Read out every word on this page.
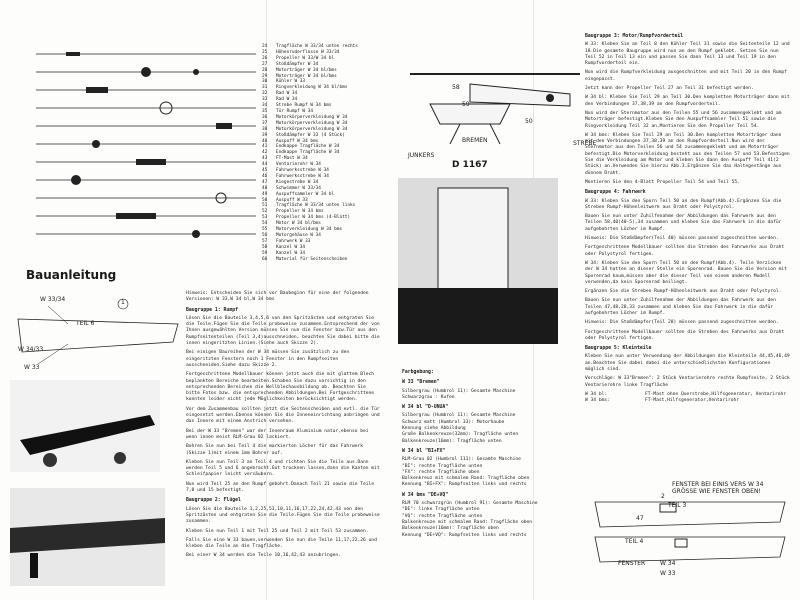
Bauanleitung
W 33/34
TEIL 6
W 34/33
W 33
1
24	Tragfläche W 33/34 unten rechts
25	Höhenruderflosse W 33/34
26	Propeller W 33/W 34 bl
27	Stoßdämpfer W 34
28	Motorträger W 34 bl/bms
29	Motorträger W 34 bl/bms
30	Kühler W 33
31	Ringverkleidung W 34 bl/bms
32	Rad W 34
33	Rad W 34
34	Strebe Rumpf W 34 bms
35	Tür Rumpf W 34
36	Motorkörperverkleidung W 34
37	Motorkörperverkleidung W 34
38	Motorkörperverkleidung W 34
39	Stoßdämpfer W 33 (4 Stück)
40	Auspuff W 34 bms
41	Endkappe Tragfläche W 34
42	Endkappe Tragfläche W 34
43	FT-Mast W 34
44	Ventarierohr W 34
45	Fahrwerksstrebe W 34
46	Fahrwerksstrebe W 34
47	Kiegestrebe W 34
48	Schwimmer W 33/34
49	Auspuffsammler W 34 bl
50	Auspuff W 33
51	Tragfläche W 33/34 unten links
52	Propeller W 34 bms
53	Propeller W 34 bms (4-Blatt)
54	Motor W 34 bl/bms
55	Motorverkleidung W 34 bms
56	Motorgehäuse W 34
57	Fahrwerk W 33
58	Kanzel W 34
59	Kanzel W 34
60	Material für Seitenscheiben

Hinweis: Entscheiden Sie sich vor Baubeginn für eine der folgenden Versionen: W 33,W 34 bl,W 34 bms

Baugruppe 1: Rumpf

Lösen Sie die Bauteile 3,4,5,6 von den Spritzästen und entgraten Sie die Teile.Fügen Sie die Teile probeweise zusammen.Entsprechend der von Ihnen ausgewählten Version müssen Sie nun die Fenster bzw.Tür aus den Rumpfseitenteilen (Teil 3,4)ausschneiden, beachten Sie dabei bitte die innen eingeritzten Linien.(Siehe auch Skizze 2).

Bei einigen Baureihen der W 34 müssen Sie zusätzlich zu den eingeritzten Fenstern noch 1 Fenster in den Rumpfseiten ausschneiden.Siehe dazu Skizze 2.

Fortgeschrittene Modellbauer können jetzt auch die mit glattem Blech beplankten Bereiche bearbeiten.Schaben Sie dazu vorsichtig in den entsprechenden Bereichen die Wellblechausbildung ab. Beachten Sie bitte Fotos bzw. die entsprechenden Abbildungen.Bei Fortgeschrittene konnten leider nicht jede Möglichkeiten berücksichtigt werden.

Vor dem Zusammenbau sollten jetzt die Seitenscheiben und evtl. die Tür eingesetzt werden.Ebenso können Sie die Inneneinrichtung anbringen und das Innere mit einem Anstrich versehen.

Bei der W 33 "Bremen" war der Innenraum Aluminium natur,ebenso bei wenn innen meist RLM-Grau 02 lackiert.

Bohren Sie nun bei Teil 4 die markierten Löcher für das Fahrwerk (Skizze 1)mit einem 1mm Bohrer auf.

Kleben Sie nun Teil 3 an Teil 4 und richten Sie die Teile aus.Dann werden Teil 5 und 6 angebracht.Gut trocknen lassen,dann die Kanten mit Schleifpapier leicht versäubern.

Nun wird Teil 25 an den Rumpf gebohrt.Danach Teil 21 sowie die Teile 7,8 und 15 befestigt.

Baugruppe 2: Flügel

Lösen Sie die Bauteile 1,2,25,53,10,11,16,17,22,24,42,43 von den Spritzästen und entgraten Sie die Teile.Fügen Sie die Teile probeweise zusammen.

Kleben Sie nun Teil 1 mit Teil 25 und Teil 2 mit Teil 53 zusammen.

Falls Sie eine W 33 bauen,verwenden Sie nun die Teile 11,17,22,26 und kleben die Teile an die Tragfläche.

Bei einer W 34 werden die Teile 10,16,42,43 anzubringen.

58
59
50
STREBE
BREMEN
JUNKERS
D 1167
Farbgebung:
W 33 "Bremen"
Silbergrau (Humbrol 11): Gesamte Maschine
Schwarzgrau : Kufen
W 34 bl "D-UNUA"
Silbergrau (Humbrol 11): Gesamte Maschine
Schwarz matt (Humbrol 33): Motorhaube
Kennung siehe Abbildung
Große Balkenkreuze(32mm): Tragfläche unten
Balkenkreuze(16mm): Tragfläche unten
W 34 bl "BI+FX"
RLM-Grau 02 (Humbrol 111): Gesamte Maschine
"BI": rechte Tragfläche unten
"FX": rechte Tragfläche oben
Balkenkreuz mit schmalem Rand: Tragfläche oben
Kennung "BI+FX": Rumpfseiten links und rechts
W 34 bms "DE+VQ"
RLM 70 schwarzgrün (Humbrol 91): Gesamte Maschine
"DE": linke Tragfläche unten
"VQ": rechte Tragfläche unten
Balkenkreuze mit schmalem Rand: Tragfläche oben
Balkenkreuze(16mm): Tragfläche oben
Kennung "DE+VQ": Rumpfseiten links und rechts
Baugruppe 3: Motor/Rumpfvorderteil

W 33: Kleben Sie an Teil 8 den Kühler Teil 31 sowie die Seitenteile 12 und 18.Die gesamte Baugruppe wird nun an den Rumpf geklebt. Setzen Sie nun Teil 52 in Teil 13 ein und passen Sie dann Teil 13 und Teil 19 in den Rumpfvorderteil ein.

Nun wird die Rumpfverkleidung ausgeschnitten und mit Teil 20 in den Rumpf eingepasst.

Jetzt kann der Propeller Teil 27 an Teil 31 befestigt werden.

W 34 bl: Kleben Sie Teil 29 an Teil 30.Den kompletten Motorträger dann mit den Verbindungen 37,38,39 an den Rumpfvorderteil.

Nun wird der Sternmotor aus den Teilen 55 und 56 zusammengeklebt und am Motorträger befestigt.Kleben Sie den Auspuffsammler Teil 51 sowie die Ringverkleidung Teil 32 an.Montieren Sie den Propeller Teil 54.

W 34 bms: Kleben Sie Teil 29 an Teil 30.Den kompletten Motorträger dann mit den Verbindungen 37,38,39 an den Rumpfvorderteil.Nun wird der Sternmotor aus den Teilen 56 und 54 zusammengeklebt und am Motorträger befestigt.Die Motorverkleidung besteht aus den Teilen 57 und 53.Befestigen Sie die Verkleidung am Motor und kleben Sie dann den Auspuff Teil 41(2 Stück) an.Verwenden Sie hierzu Abb.3.Ergänzen Sie das Haltegestänge aus dünnem Draht.

Montieren Sie den 4-Blatt Propeller Teil 54 und Teil 55.

Baugruppe 4: Fahrwerk

W 33: Kleben Sie den Sporn Teil 50 an den Rumpf(Abb.4).Ergänzen Sie die Streben Rumpf-Höhenleitwerk aus Draht oder Polystyrol.

Bauen Sie nun unter Zuhilfenahme der Abbildungen das Fahrwerk aus den Teilen 58,40(40-5),34 zusammen und kleben Sie das Fahrwerk in die dafür aufgebohrten Löcher im Rumpf.

Hinweis: Die Stoßdämpfer(Teil 40) müssen passend zugeschnitten werden.

Fortgeschrittene Modellbauer sollten die Streben des Fahrwerks aus Draht oder Polystyrol fertigen.

W 34: Kleben Sie den Sporn Teil 50 an den Rumpf(Abb.4). Teile Verzicken der W 34 hatten an dieser Stelle ein Sporenrad. Bauen Sie die Version mit Sporenrad kaum,müssen aber die dieser Teil von einem anderen Modell verwenden,da kein Sporenrad beiliegt.

Ergänzen Sie die Streben Rumpf-Höhenleitwerk aus Draht oder Polystyrol.

Bauen Sie nun unter Zuhilfenahme der Abbildungen das Fahrwerk aus den Teilen 47,48,28,33 zusammen und kleben Sie das Fahrwerk in die dafür aufgebohrten Löcher im Rumpf.

Hinweis: Die Stoßdämpfer(Teil 28) müssen passend zugeschnitten werden.

Fortgeschrittene Modellbauer sollten die Streben des Fahrwerks aus Draht oder Polystyrol fertigen.

Baugruppe 5: Kleinteile

Kleben Sie nun unter Verwendung der Abbildungen die Kleinteile 44,45,46,49 an.Beachten Sie dabei dabei die unterschiedlichsten Konfigurationen möglich sind.

Vorschläge: W 33"Bremen": 2 Stück Ventarierohre rechte Rumpfseite, 2 Stück Ventarierohre linke Tragfläche

W 34 bl:	FT-Mast ohne Querstrebe,Hilfsgenerator, Ventarirohr
W 34 bms:	FT-Mast,Hilfsgenerator,Ventarirohr
FENSTER BEI EINIS VERS W 34
GRÖSSE WIE FENSTER OBEN!
TEIL 3
TEIL 4
47
FENSTER W 34
W 33
2
